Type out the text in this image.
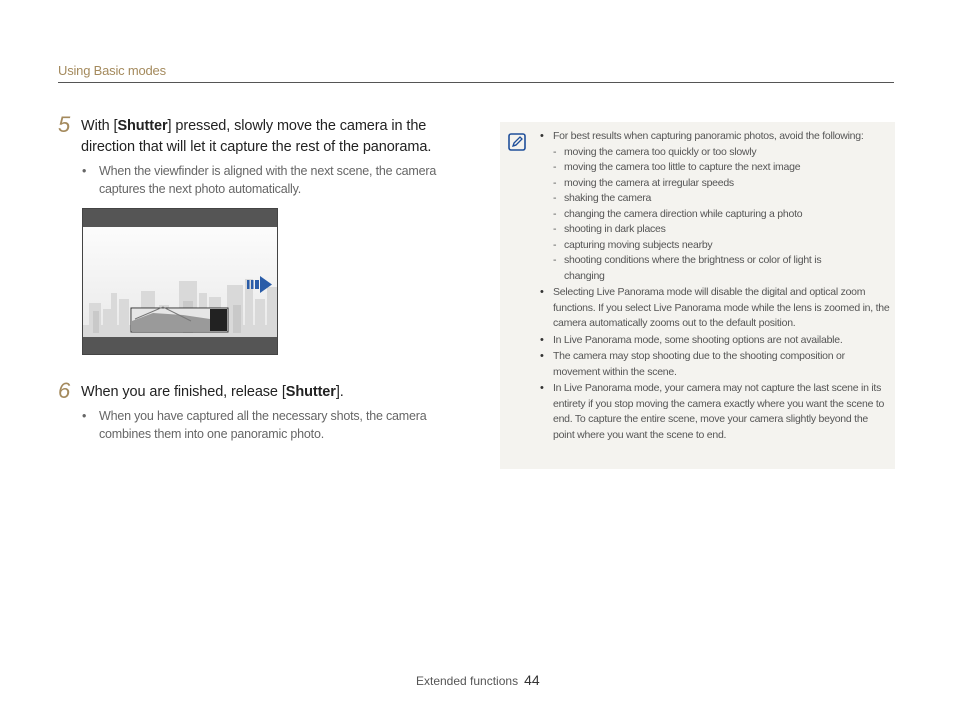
Using Basic modes
5 With [Shutter] pressed, slowly move the camera in the direction that will let it capture the rest of the panorama.
• When the viewfinder is aligned with the next scene, the camera captures the next photo automatically.
6 When you are finished, release [Shutter].
• When you have captured all the necessary shots, the camera combines them into one panoramic photo.
• For best results when capturing panoramic photos, avoid the following:
- moving the camera too quickly or too slowly
- moving the camera too little to capture the next image
- moving the camera at irregular speeds
- shaking the camera
- changing the camera direction while capturing a photo
- shooting in dark places
- capturing moving subjects nearby
- shooting conditions where the brightness or color of light is changing
• Selecting Live Panorama mode will disable the digital and optical zoom functions. If you select Live Panorama mode while the lens is zoomed in, the camera automatically zooms out to the default position.
• In Live Panorama mode, some shooting options are not available.
• The camera may stop shooting due to the shooting composition or movement within the scene.
• In Live Panorama mode, your camera may not capture the last scene in its entirety if you stop moving the camera exactly where you want the scene to end. To capture the entire scene, move your camera slightly beyond the point where you want the scene to end.
Extended functions 44
